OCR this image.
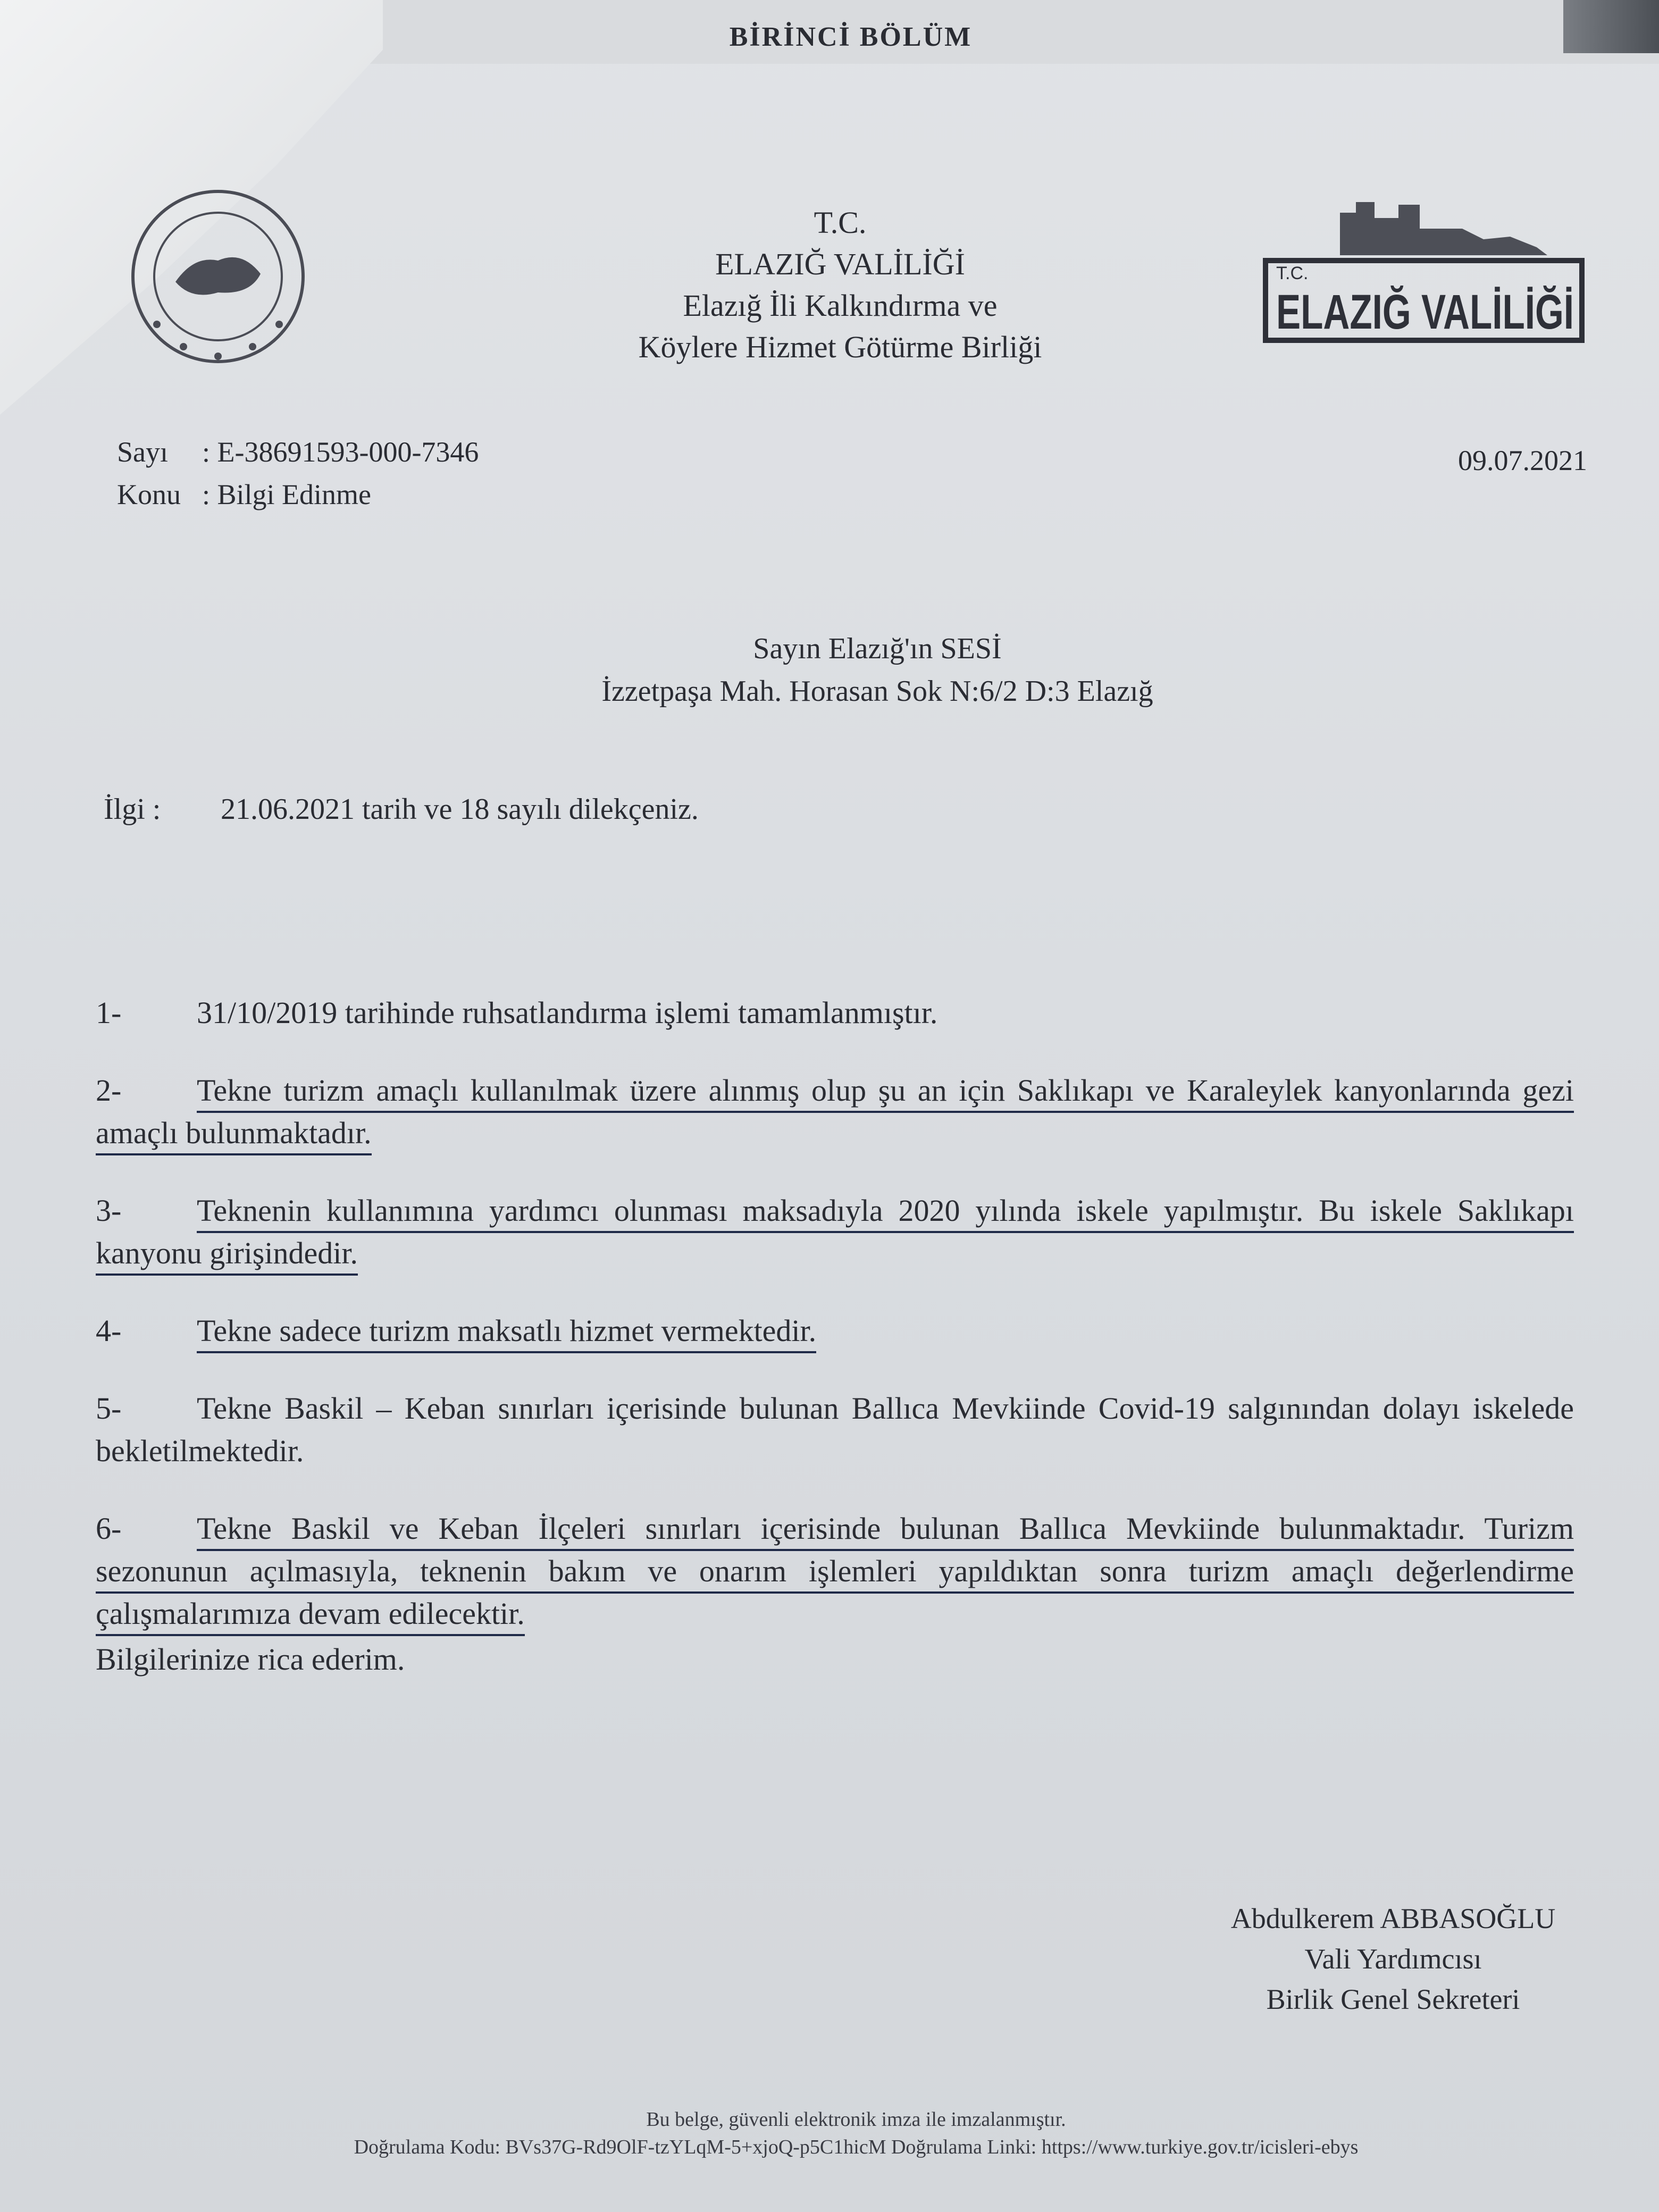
BİRİNCİ BÖLÜM
T.C.
ELAZIĞ VALİLİĞİ
Elazığ İli Kalkındırma ve
Köylere Hizmet Götürme Birliği
T.C.
ELAZIĞ VALİLİĞİ
Sayı : E-38691593-000-7346
Konu : Bilgi Edinme
09.07.2021
Sayın Elazığ'ın SESİ
İzzetpaşa Mah. Horasan Sok N:6/2 D:3 Elazığ
İlgi : 21.06.2021 tarih ve 18 sayılı dilekçeniz.
1- 31/10/2019 tarihinde ruhsatlandırma işlemi tamamlanmıştır.
2- Tekne turizm amaçlı kullanılmak üzere alınmış olup şu an için Saklıkapı ve Karaleylek kanyonlarında gezi amaçlı bulunmaktadır.
3- Teknenin kullanımına yardımcı olunması maksadıyla 2020 yılında iskele yapılmıştır. Bu iskele Saklıkapı kanyonu girişindedir.
4- Tekne sadece turizm maksatlı hizmet vermektedir.
5- Tekne Baskil – Keban sınırları içerisinde bulunan Ballıca Mevkiinde Covid-19 salgınından dolayı iskelede bekletilmektedir.
6- Tekne Baskil ve Keban İlçeleri sınırları içerisinde bulunan Ballıca Mevkiinde bulunmaktadır. Turizm sezonunun açılmasıyla, teknenin bakım ve onarım işlemleri yapıldıktan sonra turizm amaçlı değerlendirme çalışmalarımıza devam edilecektir.
Bilgilerinize rica ederim.
Abdulkerem ABBASOĞLU
Vali Yardımcısı
Birlik Genel Sekreteri
Bu belge, güvenli elektronik imza ile imzalanmıştır.
Doğrulama Kodu: BVs37G-Rd9OlF-tzYLqM-5+xjoQ-p5C1hicM Doğrulama Linki: https://www.turkiye.gov.tr/icisleri-ebys
